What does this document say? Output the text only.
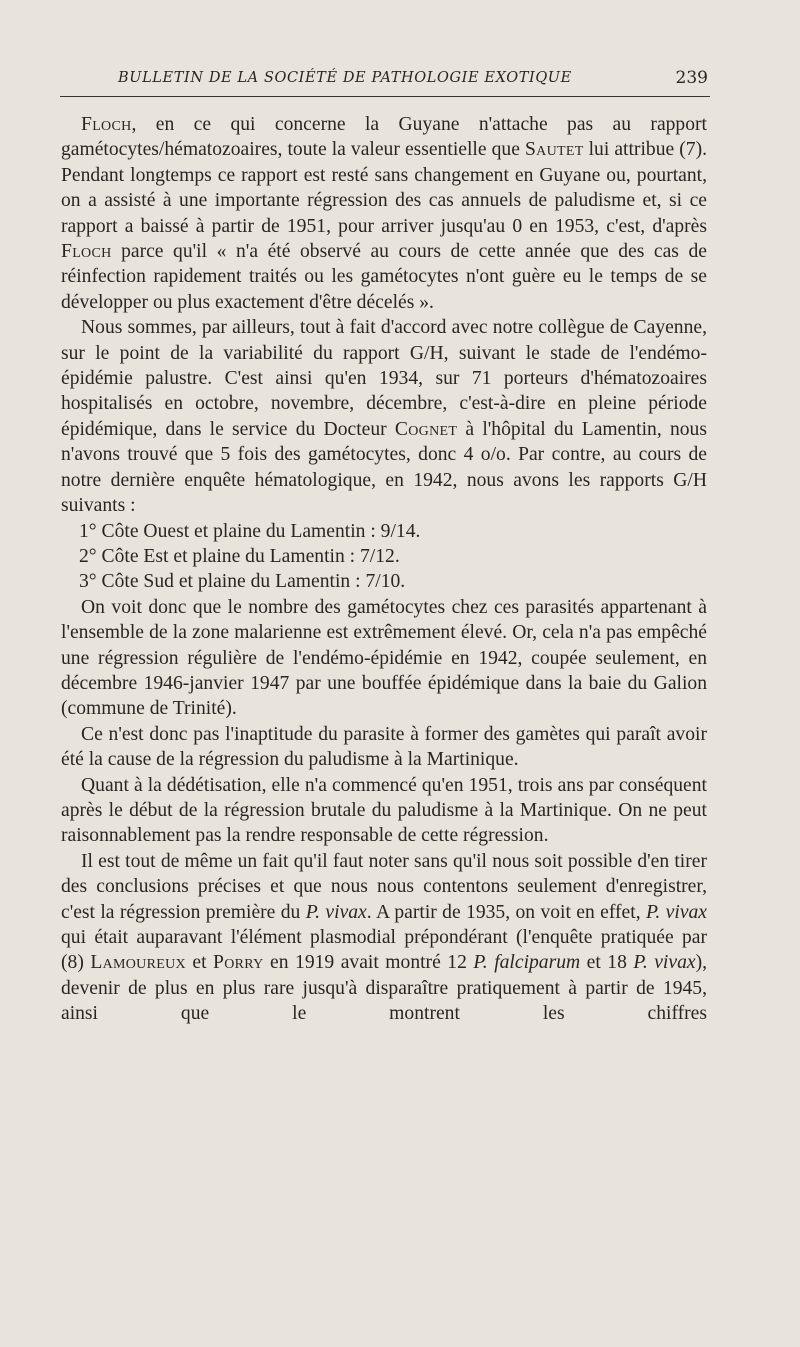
BULLETIN DE LA SOCIÉTÉ DE PATHOLOGIE EXOTIQUE	239

Floch, en ce qui concerne la Guyane n'attache pas au rapport gamétocytes/hématozoaires, toute la valeur essentielle que Sautet lui attribue (7). Pendant longtemps ce rapport est resté sans changement en Guyane ou, pourtant, on a assisté à une importante régression des cas annuels de paludisme et, si ce rapport a baissé à partir de 1951, pour arriver jusqu'au 0 en 1953, c'est, d'après Floch parce qu'il « n'a été observé au cours de cette année que des cas de réinfection rapidement traités ou les gamétocytes n'ont guère eu le temps de se développer ou plus exactement d'être décelés ».

Nous sommes, par ailleurs, tout à fait d'accord avec notre collègue de Cayenne, sur le point de la variabilité du rapport G/H, suivant le stade de l'endémo-épidémie palustre. C'est ainsi qu'en 1934, sur 71 porteurs d'hématozoaires hospitalisés en octobre, novembre, décembre, c'est-à-dire en pleine période épidémique, dans le service du Docteur Cognet à l'hôpital du Lamentin, nous n'avons trouvé que 5 fois des gamétocytes, donc 4 o/o. Par contre, au cours de notre dernière enquête hématologique, en 1942, nous avons les rapports G/H suivants :

1° Côte Ouest et plaine du Lamentin : 9/14.

2° Côte Est et plaine du Lamentin : 7/12.

3° Côte Sud et plaine du Lamentin : 7/10.

On voit donc que le nombre des gamétocytes chez ces parasités appartenant à l'ensemble de la zone malarienne est extrêmement élevé. Or, cela n'a pas empêché une régression régulière de l'endémo-épidémie en 1942, coupée seulement, en décembre 1946-janvier 1947 par une bouffée épidémique dans la baie du Galion (commune de Trinité).

Ce n'est donc pas l'inaptitude du parasite à former des gamètes qui paraît avoir été la cause de la régression du paludisme à la Martinique.

Quant à la dédétisation, elle n'a commencé qu'en 1951, trois ans par conséquent après le début de la régression brutale du paludisme à la Martinique. On ne peut raisonnablement pas la rendre responsable de cette régression.

Il est tout de même un fait qu'il faut noter sans qu'il nous soit possible d'en tirer des conclusions précises et que nous nous contentons seulement d'enregistrer, c'est la régression première du P. vivax. A partir de 1935, on voit en effet, P. vivax qui était auparavant l'élément plasmodial prépondérant (l'enquête pratiquée par (8) Lamoureux et Porry en 1919 avait montré 12 P. falciparum et 18 P. vivax), devenir de plus en plus rare jusqu'à disparaître pratiquement à partir de 1945, ainsi que le montrent les chiffres
